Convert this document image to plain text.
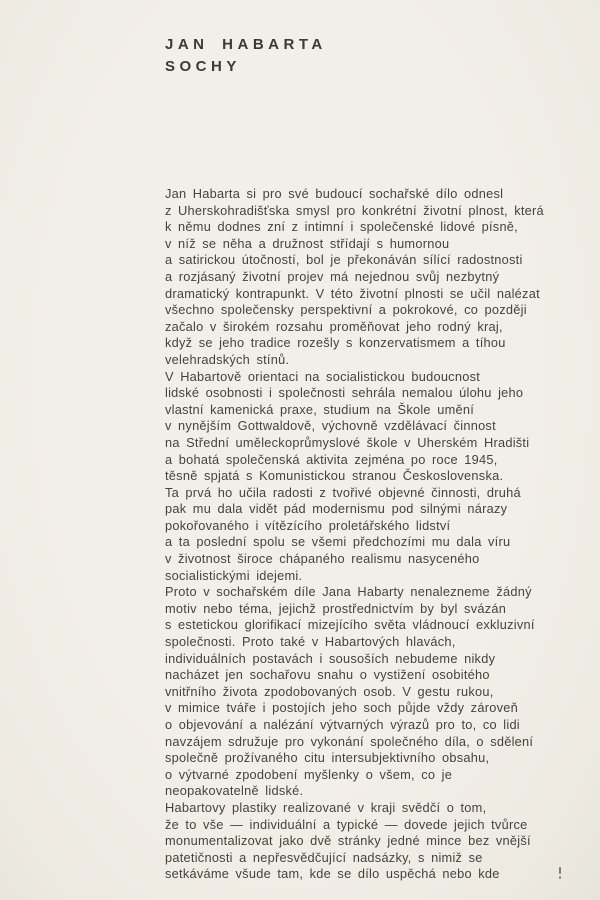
JAN HABARTA
SOCHY
Jan Habarta si pro své budoucí sochařské dílo odnesl
z Uherskohradišťska smysl pro konkrétní životní plnost, která
k němu dodnes zní z intimní i společenské lidové písně,
v níž se něha a družnost střídají s humornou
a satirickou útočností, bol je překonáván sílící radostnosti
a rozjásaný životní projev má nejednou svůj nezbytný
dramatický kontrapunkt. V této životní plnosti se učil nalézat
všechno společensky perspektivní a pokrokové, co později
začalo v širokém rozsahu proměňovat jeho rodný kraj,
když se jeho tradice rozešly s konzervatismem a tíhou
velehradských stínů.
V Habartově orientaci na socialistickou budoucnost
lidské osobnosti i společnosti sehrála nemalou úlohu jeho
vlastní kamenická praxe, studium na Škole umění
v nynějším Gottwaldově, výchovně vzdělávací činnost
na Střední uměleckoprůmyslové škole v Uherském Hradišti
a bohatá společenská aktivita zejména po roce 1945,
těsně spjatá s Komunistickou stranou Československa.
Ta prvá ho učila radosti z tvořivé objevné činnosti, druhá
pak mu dala vidět pád modernismu pod silnými nárazy
pokořovaného i vítězícího proletářského lidství
a ta poslední spolu se všemi předchozími mu dala víru
v životnost široce chápaného realismu nasyceného
socialistickými idejemi.
Proto v sochařském díle Jana Habarty nenalezneme žádný
motiv nebo téma, jejichž prostřednictvím by byl svázán
s estetickou glorifikací mizejícího světa vládnoucí exkluzivní
společnosti. Proto také v Habartových hlavách,
individuálních postavách i sousoších nebudeme nikdy
nacházet jen sochařovu snahu o vystižení osobitého
vnitřního života zpodobovaných osob. V gestu rukou,
v mimice tváře i postojích jeho soch půjde vždy zároveň
o objevování a nalézání výtvarných výrazů pro to, co lidi
navzájem sdružuje pro vykonání společného díla, o sdělení
společně prožívaného citu intersubjektivního obsahu,
o výtvarné zpodobení myšlenky o všem, co je
neopakovatelně lidské.
Habartovy plastiky realizované v kraji svědčí o tom,
že to vše — individuální a typické — dovede jejich tvůrce
monumentalizovat jako dvě stránky jedné mince bez vnější
patetičnosti a nepřesvědčující nadsázky, s nimiž se
setkáváme všude tam, kde se dílo uspěchá nebo kde
